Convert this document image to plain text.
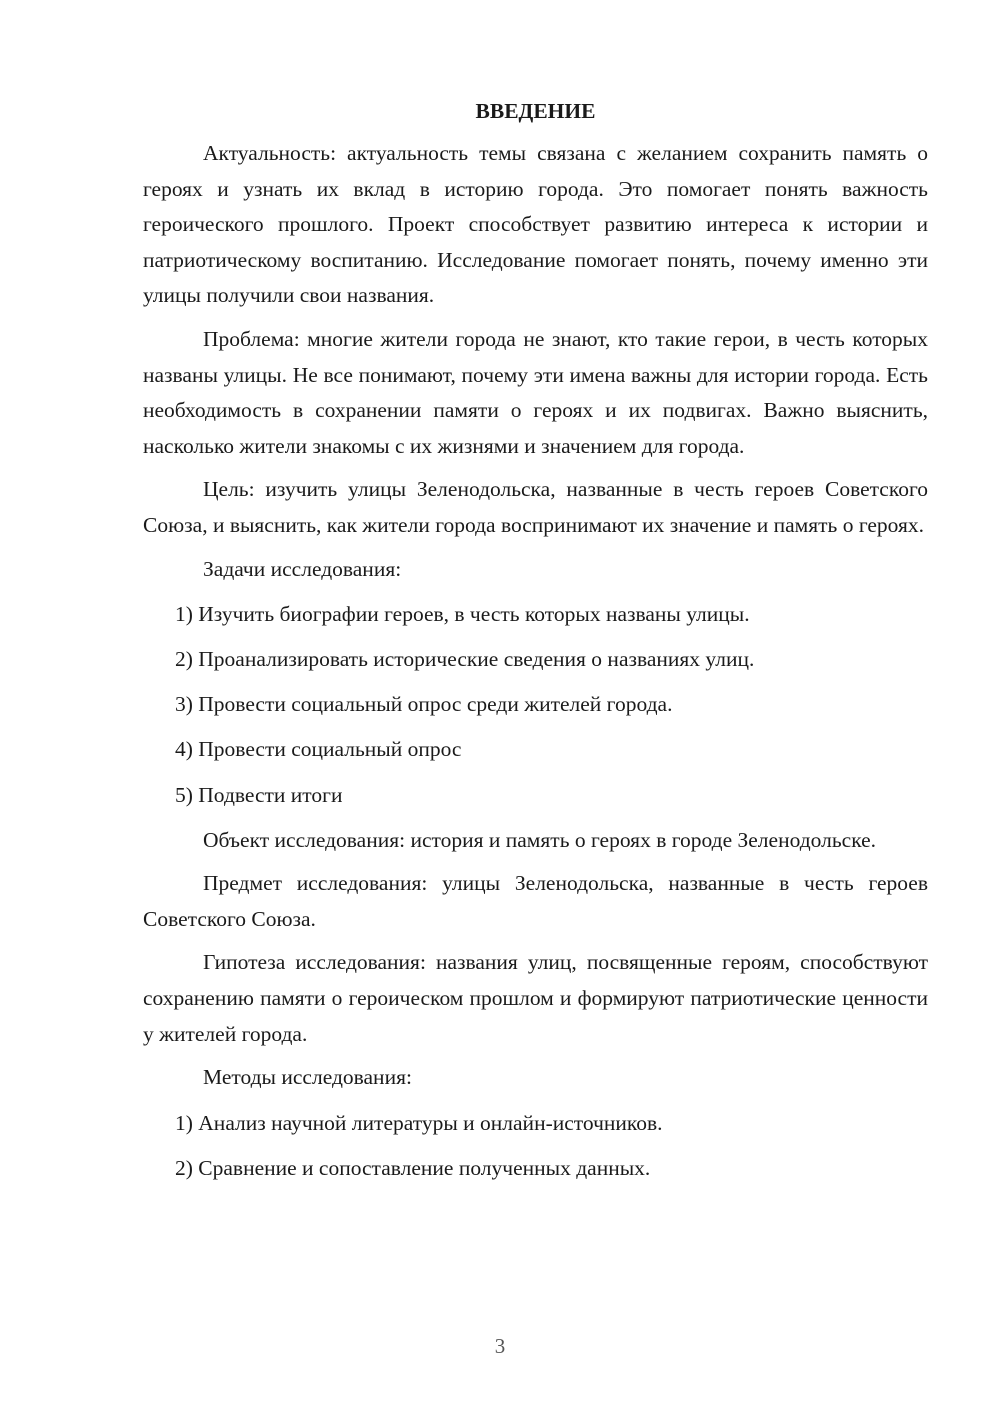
ВВЕДЕНИЕ

Актуальность: актуальность темы связана с желанием сохранить память о героях и узнать их вклад в историю города. Это помогает понять важность героического прошлого. Проект способствует развитию интереса к истории и патриотическому воспитанию. Исследование помогает понять, почему именно эти улицы получили свои названия.

Проблема: многие жители города не знают, кто такие герои, в честь которых названы улицы. Не все понимают, почему эти имена важны для истории города. Есть необходимость в сохранении памяти о героях и их подвигах. Важно выяснить, насколько жители знакомы с их жизнями и значением для города.

Цель: изучить улицы Зеленодольска, названные в честь героев Советского Союза, и выяснить, как жители города воспринимают их значение и память о героях.

Задачи исследования:
1) Изучить биографии героев, в честь которых названы улицы.
2) Проанализировать исторические сведения о названиях улиц.
3) Провести социальный опрос среди жителей города.
4) Провести социальный опрос
5) Подвести итоги

Объект исследования: история и память о героях в городе Зеленодольске.

Предмет исследования: улицы Зеленодольска, названные в честь героев Советского Союза.

Гипотеза исследования: названия улиц, посвященные героям, способствуют сохранению памяти о героическом прошлом и формируют патриотические ценности у жителей города.

Методы исследования:
1) Анализ научной литературы и онлайн-источников.
2) Сравнение и сопоставление полученных данных.
3
